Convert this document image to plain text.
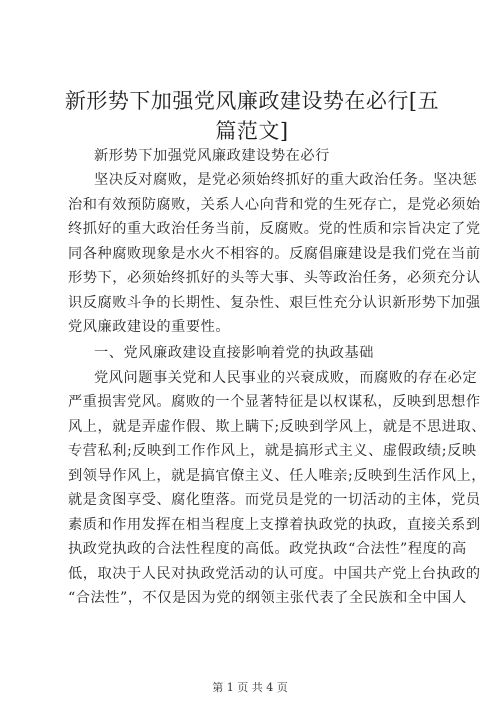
新形势下加强党风廉政建设势在必行[五篇范文]
新形势下加强党风廉政建设势在必行
坚决反对腐败，是党必须始终抓好的重大政治任务。坚决惩
治和有效预防腐败，关系人心向背和党的生死存亡，是党必须始
终抓好的重大政治任务当前，反腐败。党的性质和宗旨决定了党
同各种腐败现象是水火不相容的。反腐倡廉建设是我们党在当前
形势下，必须始终抓好的头等大事、头等政治任务，必须充分认
识反腐败斗争的长期性、复杂性、艰巨性充分认识新形势下加强
党风廉政建设的重要性。
一、党风廉政建设直接影响着党的执政基础
党风问题事关党和人民事业的兴衰成败，而腐败的存在必定
严重损害党风。腐败的一个显著特征是以权谋私，反映到思想作
风上，就是弄虚作假、欺上瞒下;反映到学风上，就是不思进取、
专营私利;反映到工作作风上，就是搞形式主义、虚假政绩;反映
到领导作风上，就是搞官僚主义、任人唯亲;反映到生活作风上，
就是贪图享受、腐化堕落。而党员是党的一切活动的主体，党员
素质和作用发挥在相当程度上支撑着执政党的执政，直接关系到
执政党执政的合法性程度的高低。政党执政“合法性”程度的高
低，取决于人民对执政党活动的认可度。中国共产党上台执政的
“合法性”，不仅是因为党的纲领主张代表了全民族和全中国人
第 1 页 共 4 页
